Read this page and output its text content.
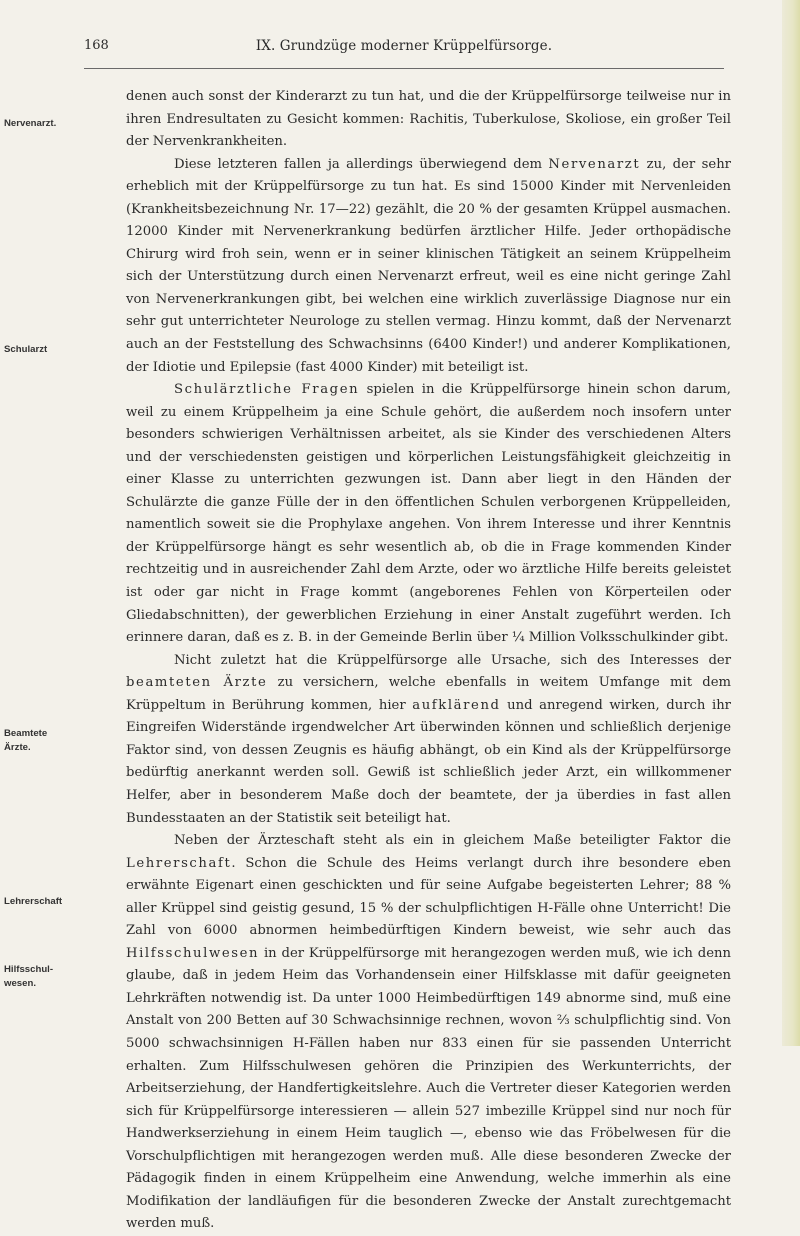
168	IX. Grundzüge moderner Krüppelfürsorge.
Nervenarzt.
Schularzt
Beamtete
Ärzte.
Lehrerschaft
Hilfsschul-
wesen.

denen auch sonst der Kinderarzt zu tun hat, und die der Krüppelfürsorge teilweise nur in ihren Endresultaten zu Gesicht kommen: Rachitis, Tuberkulose, Skoliose, ein großer Teil der Nervenkrankheiten.

Diese letzteren fallen ja allerdings überwiegend dem Nervenarzt zu, der sehr erheblich mit der Krüppelfürsorge zu tun hat. Es sind 15000 Kinder mit Nervenleiden (Krankheitsbezeichnung Nr. 17—22) gezählt, die 20 % der gesamten Krüppel ausmachen. 12000 Kinder mit Nervenerkrankung bedürfen ärztlicher Hilfe. Jeder orthopädische Chirurg wird froh sein, wenn er in seiner klinischen Tätigkeit an seinem Krüppelheim sich der Unterstützung durch einen Nervenarzt erfreut, weil es eine nicht geringe Zahl von Nervenerkrankungen gibt, bei welchen eine wirklich zuverlässige Diagnose nur ein sehr gut unterrichteter Neurologe zu stellen vermag. Hinzu kommt, daß der Nervenarzt auch an der Feststellung des Schwachsinns (6400 Kinder!) und anderer Komplikationen, der Idiotie und Epilepsie (fast 4000 Kinder) mit beteiligt ist.

Schulärztliche Fragen spielen in die Krüppelfürsorge hinein schon darum, weil zu einem Krüppelheim ja eine Schule gehört, die außerdem noch insofern unter besonders schwierigen Verhältnissen arbeitet, als sie Kinder des verschiedenen Alters und der verschiedensten geistigen und körperlichen Leistungsfähigkeit gleichzeitig in einer Klasse zu unterrichten gezwungen ist. Dann aber liegt in den Händen der Schulärzte die ganze Fülle der in den öffentlichen Schulen verborgenen Krüppelleiden, namentlich soweit sie die Prophylaxe angehen. Von ihrem Interesse und ihrer Kenntnis der Krüppelfürsorge hängt es sehr wesentlich ab, ob die in Frage kommenden Kinder rechtzeitig und in ausreichender Zahl dem Arzte, oder wo ärztliche Hilfe bereits geleistet ist oder gar nicht in Frage kommt (angeborenes Fehlen von Körperteilen oder Gliedabschnitten), der gewerblichen Erziehung in einer Anstalt zugeführt werden. Ich erinnere daran, daß es z. B. in der Gemeinde Berlin über ¼ Million Volksschulkinder gibt.

Nicht zuletzt hat die Krüppelfürsorge alle Ursache, sich des Interesses der beamteten Ärzte zu versichern, welche ebenfalls in weitem Umfange mit dem Krüppeltum in Berührung kommen, hier aufklärend und anregend wirken, durch ihr Eingreifen Widerstände irgendwelcher Art überwinden können und schließlich derjenige Faktor sind, von dessen Zeugnis es häufig abhängt, ob ein Kind als der Krüppelfürsorge bedürftig anerkannt werden soll. Gewiß ist schließlich jeder Arzt, ein willkommener Helfer, aber in besonderem Maße doch der beamtete, der ja überdies in fast allen Bundesstaaten an der Statistik seit beteiligt hat.

Neben der Ärzteschaft steht als ein in gleichem Maße beteiligter Faktor die Lehrerschaft. Schon die Schule des Heims verlangt durch ihre besondere eben erwähnte Eigenart einen geschickten und für seine Aufgabe begeisterten Lehrer; 88 % aller Krüppel sind geistig gesund, 15 % der schulpflichtigen H-Fälle ohne Unterricht! Die Zahl von 6000 abnormen heimbedürftigen Kindern beweist, wie sehr auch das Hilfsschulwesen in der Krüppelfürsorge mit herangezogen werden muß, wie ich denn glaube, daß in jedem Heim das Vorhandensein einer Hilfsklasse mit dafür geeigneten Lehrkräften notwendig ist. Da unter 1000 Heimbedürftigen 149 abnorme sind, muß eine Anstalt von 200 Betten auf 30 Schwachsinnige rechnen, wovon ⅔ schulpflichtig sind. Von 5000 schwachsinnigen H-Fällen haben nur 833 einen für sie passenden Unterricht erhalten. Zum Hilfsschulwesen gehören die Prinzipien des Werkunterrichts, der Arbeitserziehung, der Handfertigkeitslehre. Auch die Vertreter dieser Kategorien werden sich für Krüppelfürsorge interessieren — allein 527 imbezille Krüppel sind nur noch für Handwerkserziehung in einem Heim tauglich —, ebenso wie das Fröbelwesen für die Vorschulpflichtigen mit herangezogen werden muß. Alle diese besonderen Zwecke der Pädagogik finden in einem Krüppelheim eine Anwendung, welche immerhin als eine Modifikation der landläufigen für die besonderen Zwecke der Anstalt zurechtgemacht werden muß.
